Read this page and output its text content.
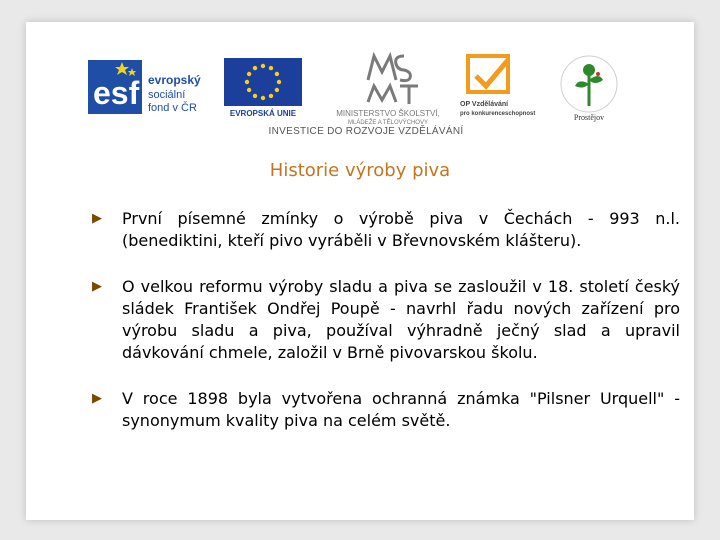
esf evropský
sociální
fond v ČR	EVROPSKÁ UNIE	MINISTERSTVO ŠKOLSTVÍ,
MLÁDEŽE A TĚLOVÝCHOVY
OP Vzdělávání
pro konkurenceschopnost	Prostějov
INVESTICE DO ROZVOJE VZDĚLÁVÁNÍ
Historie výroby piva
▶ První písemné zmínky o výrobě piva v Čechách - 993 n.l. (benediktini, kteří pivo vyráběli v Břevnovském klášteru).
▶ O velkou reformu výroby sladu a piva se zasloužil v 18. století český sládek František Ondřej Poupě - navrhl řadu nových zařízení pro výrobu sladu a piva, používal výhradně ječný slad a upravil dávkování chmele, založil v Brně pivovarskou školu.
▶ V roce 1898 byla vytvořena ochranná známka "Pilsner Urquell" - synonymum kvality piva na celém světě.
